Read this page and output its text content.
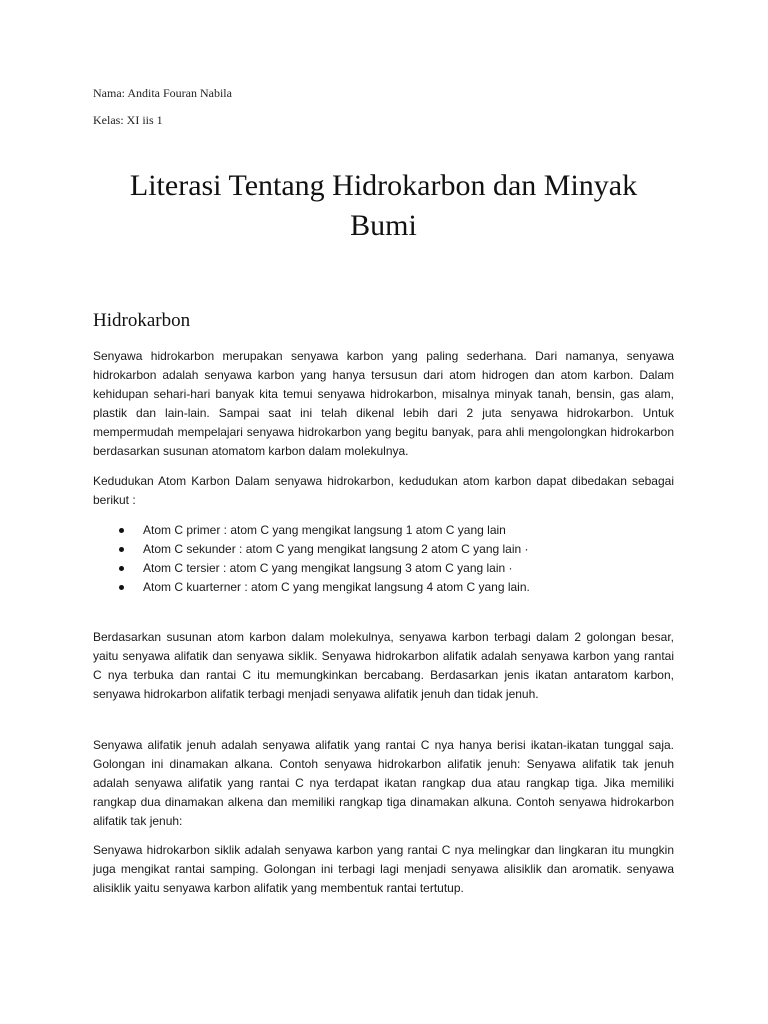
Nama: Andita Fouran Nabila
Kelas: XI iis 1
Literasi Tentang Hidrokarbon dan Minyak Bumi
Hidrokarbon

Senyawa hidrokarbon merupakan senyawa karbon yang paling sederhana. Dari namanya, senyawa hidrokarbon adalah senyawa karbon yang hanya tersusun dari atom hidrogen dan atom karbon. Dalam kehidupan sehari-hari banyak kita temui senyawa hidrokarbon, misalnya minyak tanah, bensin, gas alam, plastik dan lain-lain. Sampai saat ini telah dikenal lebih dari 2 juta senyawa hidrokarbon. Untuk mempermudah mempelajari senyawa hidrokarbon yang begitu banyak, para ahli mengolongkan hidrokarbon berdasarkan susunan atomatom karbon dalam molekulnya.

Kedudukan Atom Karbon Dalam senyawa hidrokarbon, kedudukan atom karbon dapat dibedakan sebagai berikut :

Atom C primer : atom C yang mengikat langsung 1 atom C yang lain
Atom C sekunder : atom C yang mengikat langsung 2 atom C yang lain ·
Atom C tersier : atom C yang mengikat langsung 3 atom C yang lain ·
Atom C kuarterner : atom C yang mengikat langsung 4 atom C yang lain.

Berdasarkan susunan atom karbon dalam molekulnya, senyawa karbon terbagi dalam 2 golongan besar, yaitu senyawa alifatik dan senyawa siklik. Senyawa hidrokarbon alifatik adalah senyawa karbon yang rantai C nya terbuka dan rantai C itu memungkinkan bercabang. Berdasarkan jenis ikatan antaratom karbon, senyawa hidrokarbon alifatik terbagi menjadi senyawa alifatik jenuh dan tidak jenuh.

Senyawa alifatik jenuh adalah senyawa alifatik yang rantai C nya hanya berisi ikatan-ikatan tunggal saja. Golongan ini dinamakan alkana. Contoh senyawa hidrokarbon alifatik jenuh: Senyawa alifatik tak jenuh adalah senyawa alifatik yang rantai C nya terdapat ikatan rangkap dua atau rangkap tiga. Jika memiliki rangkap dua dinamakan alkena dan memiliki rangkap tiga dinamakan alkuna. Contoh senyawa hidrokarbon alifatik tak jenuh:

Senyawa hidrokarbon siklik adalah senyawa karbon yang rantai C nya melingkar dan lingkaran itu mungkin juga mengikat rantai samping. Golongan ini terbagi lagi menjadi senyawa alisiklik dan aromatik. senyawa alisiklik yaitu senyawa karbon alifatik yang membentuk rantai tertutup.
